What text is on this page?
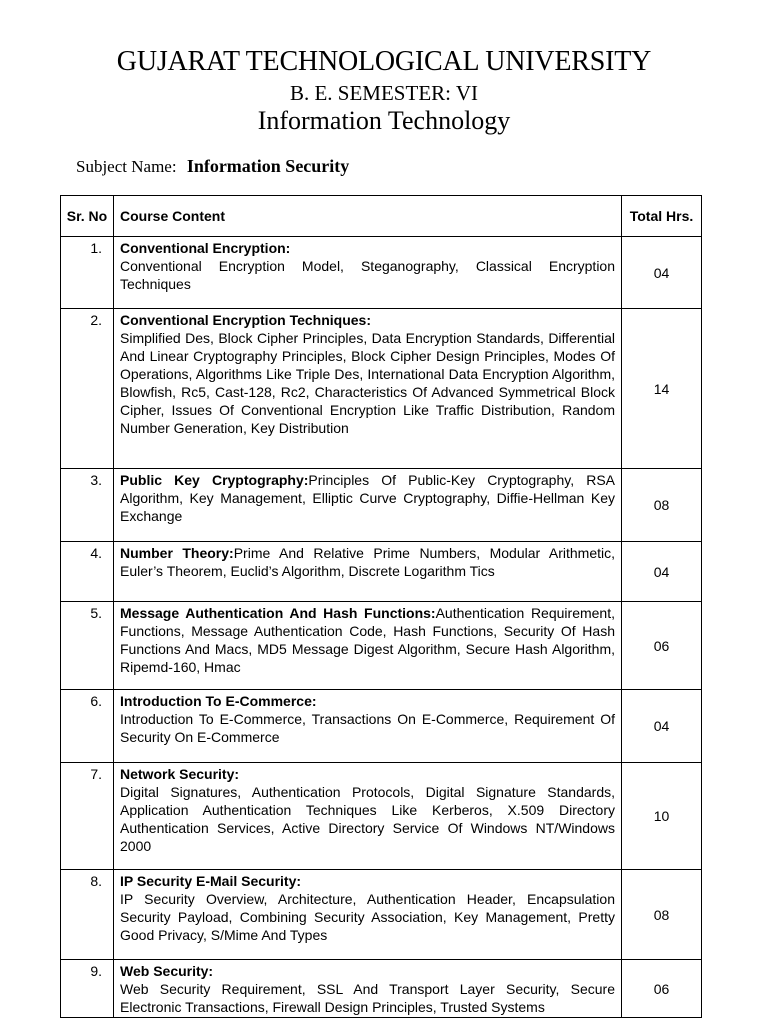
GUJARAT TECHNOLOGICAL UNIVERSITY
B. E. SEMESTER: VI
Information Technology
Subject Name: Information Security
Sr. No	Course Content	Total Hrs.
1.	Conventional Encryption:
Conventional Encryption Model, Steganography, Classical Encryption Techniques	04
2.	Conventional Encryption Techniques:
Simplified Des, Block Cipher Principles, Data Encryption Standards, Differential And Linear Cryptography Principles, Block Cipher Design Principles, Modes Of Operations, Algorithms Like Triple Des, International Data Encryption Algorithm, Blowfish, Rc5, Cast-128, Rc2, Characteristics Of Advanced Symmetrical Block Cipher, Issues Of Conventional Encryption Like Traffic Distribution, Random Number Generation, Key Distribution	14
3.	Public Key Cryptography:Principles Of Public-Key Cryptography, RSA Algorithm, Key Management, Elliptic Curve Cryptography, Diffie-Hellman Key Exchange	08
4.	Number Theory:Prime And Relative Prime Numbers, Modular Arithmetic, Euler’s Theorem, Euclid’s Algorithm, Discrete Logarithm Tics	04
5.	Message Authentication And Hash Functions:Authentication Requirement, Functions, Message Authentication Code, Hash Functions, Security Of Hash Functions And Macs, MD5 Message Digest Algorithm, Secure Hash Algorithm, Ripemd-160, Hmac	06
6.	Introduction To E-Commerce:
Introduction To E-Commerce, Transactions On E-Commerce, Requirement Of Security On E-Commerce	04
7.	Network Security:
Digital Signatures, Authentication Protocols, Digital Signature Standards, Application Authentication Techniques Like Kerberos, X.509 Directory Authentication Services, Active Directory Service Of Windows NT/Windows 2000	10
8.	IP Security E-Mail Security:
IP Security Overview, Architecture, Authentication Header, Encapsulation Security Payload, Combining Security Association, Key Management, Pretty Good Privacy, S/Mime And Types	08
9.	Web Security:
Web Security Requirement, SSL And Transport Layer Security, Secure Electronic Transactions, Firewall Design Principles, Trusted Systems	06
